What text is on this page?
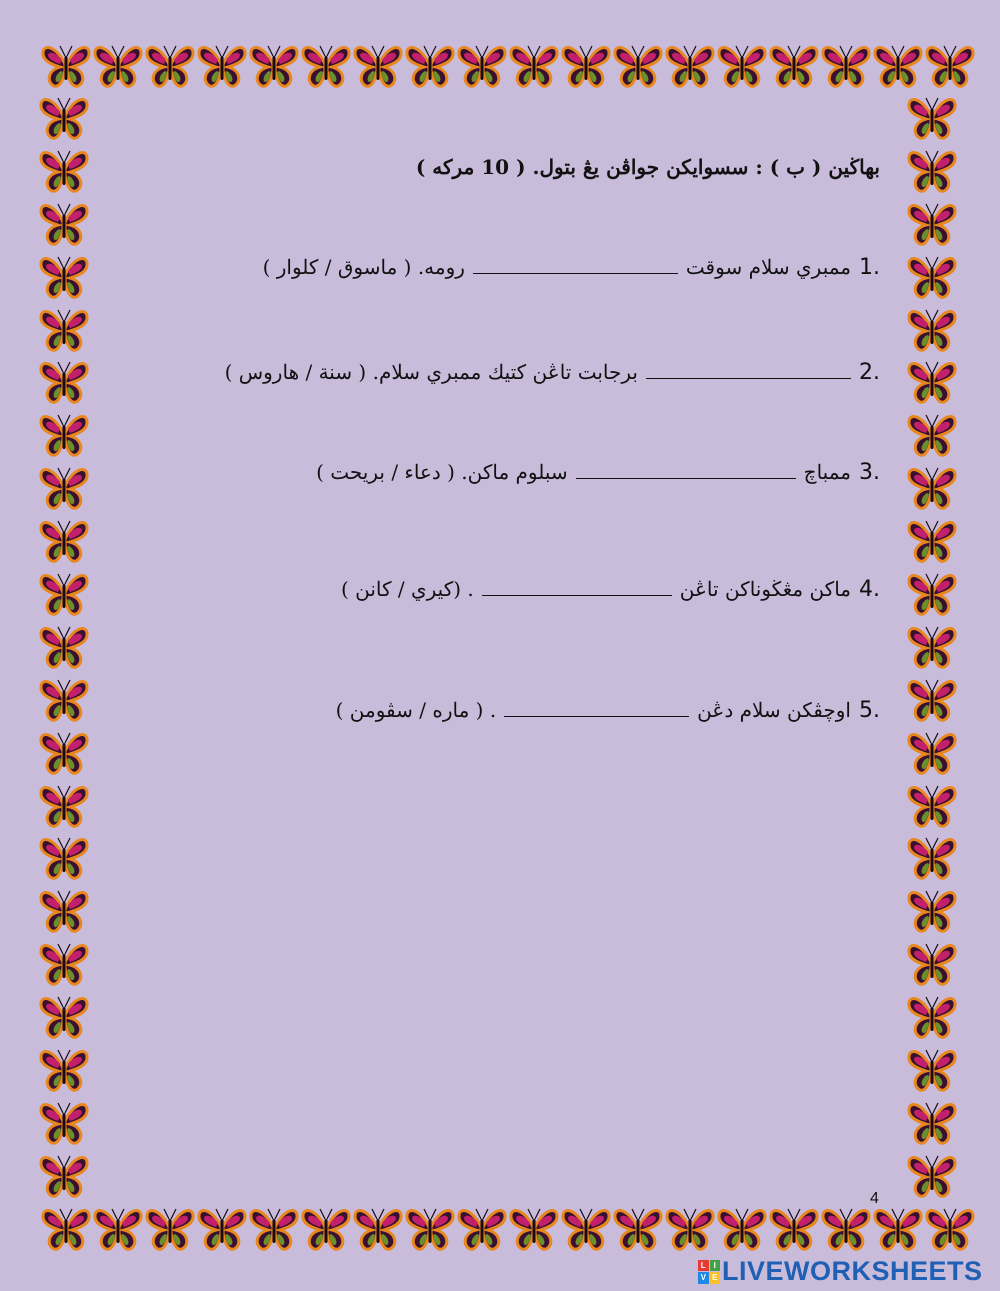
بهاڬين ( ب ) : سسوايکن جواڤن يڠ بتول. ( 10 مرکه )
1.
ممبري سلام سوقت
رومه. ( ماسوق / کلوار )
2.
برجابت تاڠن کتيك ممبري سلام. ( سنة / هاروس )
3.
ممباچ
سبلوم ماکن. ( دعاء / بريحت )
4.
ماکن مڠڬوناکن تاڠن
. (کيري / کانن )
5.
اوچڤکن سلام دڠن
. ( ماره / سڤومن )
4
L I
V E LIVEWORKSHEETS
